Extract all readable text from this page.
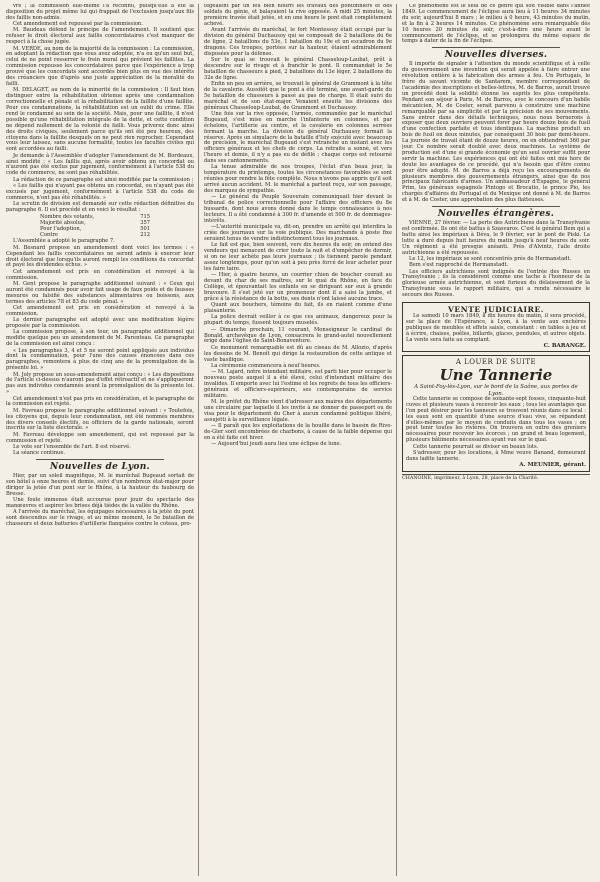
vre ; la commission elle-même l'a reconnu, puisqu'elle a été la disposition du projet même lui qui frappait de l'exclusion jusqu'aux fils des faillis non-admis.

Cet amendement est repoussé par la commission.

M. Baudeau défend le principe de l'amendement. Il soutient que refuser le droit électoral aux faillis concordataires c'est manquer de respect à la chose jugée.

M. VERDE, au nom de la majorité de la commission : La commission, en adoptant la rédaction que vous avez adoptée, n'a eu qu'un seul but, celui de ne point resserrer le frein moral qui prévient les faillites. La commission repousse les concordataires parce que l'expérience a trop prouvé que les concordats sont accordés bien plus en vue des intérêts des créanciers que d'après une juste appréciation de la moralité du failli.

M. DELAGET, au nom de la minorité de la commission : Il faut bien distinguer entre la réhabilitation obtenue après une condamnation correctionnelle et pénale et la réhabilitation de la faillite d'une faillite. Pour ces condamnations, la réhabilitation est un oubli du crime. Elle rend le condamné au sein de la société. Mais, pour une faillite, il n'est possible qu'une réhabilitation intégrale de la dette, et cette condition ne dépend nullement de la volonté du failli. Vous priverez donc ainsi des droits civiques, seulement parce qu'ils ont été peu heureux, des citoyens dans la faillite desquels on ne peut rien reprocher. Cependant vous leur laissez, sans aucune formalité, toutes les facultés civiles qui sont accordées au failli.

Je demande à l'Assemblée d'adopter l'amendement de M. Bordeaux, ainsi modifié : « Les faillis qui, après avoir obtenu un concordat ou n'auront pas été exclus par jugement, conformément à l'article 538 du code de commerce, ne sont pas réhabilités.

La rédaction de ce paragraphe est ainsi modifiée par la commission :

« Les faillis qui n'ayant pas obtenu un concordat, ou n'ayant pas été excusés par jugement, conformément à l'article 538 du code de commerce, n'ont pas été réhabilités. »

Le scrutin de division est demandé sur cette rédaction définitive du paragraphe 6. Il est procédé et en voici le résultat :

Nombre des votants,	715
Majorité absolue,	357
Pour l'adoption,	501
Contre	212

L'Assemblée a adopté le paragraphe 7.

M. Besnard propose un amendement dont voici les termes : « Cependant les faillis concordataires ne seront admis à exercer leur droit électoral que lorsqu'ils auront rempli les conditions du concordat et payé les dividendes échus. »

Cet amendement est pris en considération et renvoyé à la commission.

M. Gent propose le paragraphe additionnel suivant : « Ceux qui auront été condamnés pour avoir fait usage de faux poids et de fausses mesures ou falsifié des substances alimentaires ou boissons, aux termes des articles 78 et 83 du code pénal. »

Cet amendement est pris en considération et renvoyé à la commission.

Le dernier paragraphe est adopté avec une modification légère proposée par la commission.

La commission propose, à son tour, un paragraphe additionnel qui modifie quelque peu un amendement de M. Parenteau. Ce paragraphe de la commission est ainsi conçu :

« Les paragraphes 3, 4 et 5 ne seront point appliqués aux individus dont la condamnation, pour l'une des causes énoncées dans ces paragraphes, remontera à plus de cinq ans de la promulgation de la présente loi. »

M. Joly propose un sous-amendement ainsi conçu : « Les dispositions de l'article ci-dessus n'auront pas d'effet rétroactif et ne s'appliqueront pas aux individus condamnés avant la promulgation de la présente loi. »

Cet amendement n'est pas pris en considération, et le paragraphe de la commission est rejeté.

M. Favreau propose le paragraphe additionnel suivant : « Toutefois, les citoyens qui, depuis leur condamnation, ont été nommés membres des divers conseils électifs, ou officiers de la garde nationale, seront inscrits sur la liste électorale. »

M. Favreau développe son amendement, qui est repoussé par la commission et rejeté.

Le vote sur l'ensemble de l'art. 8 est réservé.

La séance continue.

Nouvelles de Lyon.

Hier, par un soleil magnifique, M. le maréchal Bugeaud sortait de son hôtel à onze heures et demie, suivi d'un nombreux état-major pour diriger la jetée d'un pont sur le Rhône, à la hauteur du faubourg de Bresse.

Une foule immense était accourue pour jouir du spectacle des manœuvres et aspirer les brises déjà tièdes de la vallée du Rhône.

A l'arrivée du maréchal, les équipages nécessaires à la jetée du pont sont descendus sur le rivage, et au même moment, le 5e bataillon de chasseurs et deux batteries d'artillerie flanquées contre le coteau, pro-

tégeaient par un feu bien nourri les travaux des pontonniers et des soldats du génie, et balayaient la rive opposée. A midi 25 minutes, la première travée était jetée, et en une heure le pont était complètement achevé.

Avant l'arrivée du maréchal, le fort Montessuy était occupé par la division du général Duchausoy qui se composait de 2 bataillons du 6e de ligne, 2 bataillons du 53e, 1 bataillon du 19e et un escadron du 9e dragons. Ces troupes, portées sur la hauteur, étaient admirablement disposées pour la défense.

Sur le quai se trouvait le général Chasseloup-Laubat, prêt à descendre sur le rivage et à franchir le pont. Il commandait le 5e bataillon de chasseurs à pied, 2 bataillons du 13e léger, 2 bataillons du 32e de ligne.

Enfin un peu en arrière, se trouvait le général de Grammont à la tête de la cavalerie. Aussitôt que le pont a été terminé, une avant-garde du 5e bataillon de chasseurs à passé au pas de charge. Il était suivi du maréchal et de son état-major. Venaient ensuite les divisions des généraux Chasseloup-Laubat, de Grammont et Duchausoy.

Une fois sur la rive opposée, l'armée, commandée par le maréchal Bugeaud, s'est mise en marche l'infanterie en colonnes, et par échelons, l'artillerie au centre, et la cavalerie en colonnes serrées fermant la marche. La division du général Duchausoy formait la réserve. Après un simulacre de la bataille d'Isly exécuté avec beaucoup de précision, le maréchal Bugeaud s'est retranché un instant avec les officiers généraux et les chefs de corps. La retraite a sonné, et vers l'heure et demie, il n'y a pas eu de défilé ; chaque corps est retourné dans ses cantonnements.

La tenue admirable de nos troupes, l'éclat d'un beau jour, la température du printemps, toutes les circonstances favorables se sont réunies pour rendre la fête complète. Nous n'avons pas appris qu'il soit arrivé aucun accident. M. le maréchal a partout reçu, sur son passage, des marques de sympathie.

— Le général du Peuple Souverain communiquait hier devant le tribunal de police correctionnelle pour l'affaire des officiers du 8e hussards, dont nous avons donné dans le temps connaissance à nos lecteurs. Il a été condamné à 300 fr. d'amende et 500 fr. de dommages-intérêts.

—L'autorité municipale va, dit-on, prendre un arrêté qui interdira la criée des journaux sur la voie publique. Des marchands à poste fixe seraient tenus de vendre indistinctement tous les journaux.

Le fait est que, bien souvent, vers dix heures du soir, on entend des vendeurs qui menacent de crier toute la nuit et d'empêcher de dormir, si on ne leur achète pas leurs journaux ; ils tiennent parole pendant assez longtemps, pour qu'on soit à peu près forcé de leur acheter pour les faire taire.

— Hier, à quatre heures, un courrier chien de boucher courait au devant du char de ses maîtres, sur le quai du Rhône, en face du Collège, et épouvantait les enfants en se dirigeant sur eux à grande bravoure. Il s'est jeté sur un promeneur dont il a saisi la jambe, et grâce à la résistance de la botte, ses dents n'ont laissé aucune trace.

Quant aux bouchers, témoins du fait, ils en riaient comme d'une plaisanterie.

La police devrait veiller à ce que ces animaux, dangereux pour la plupart du temps, fussent toujours muselés.

— Dimanche prochain, 11 courant, Monseigneur le cardinal de Bonald, archevêque de Lyon, consacrera le grand-autel nouvellement érigé dans l'église de Saint-Bonaventure.

Ce monument remarquable est dû au ciseau de M. Allozio, d'après les dessins de M. Benoît qui dirige la restauration de cette antique et vaste basilique.

La cérémonie commencera à neuf heures.

— M. Lajard, notre intendant militaire, est parti hier pour occuper le nouveau poste auquel il a été élevé, celui d'intendant militaire des invalides. Il emporte avec lui l'estime et les regrets de tous les officiers-généraux et officiers-supérieurs, ses contemporains de service militaire.

M. le préfet du Rhône vient d'adresser aux maires des départements une circulaire par laquelle il les invite à ne donner de passeport ou de visa pour le département du Cher à aucun condamné politique libéré, assujetti à la surveillance légale.

— Il paraît que les exploitations de la houille dans le bassin de Rive-de-Gier sont encombrées de charbons, à cause de la faible dépense qui en a été faite cet hiver.

— Aujourd'hui jeudi aura lieu une éclipse de lune.

Ce phénomène est le seul de ce genre qui soit visible dans l'année 1849. Le commencement de l'éclipse aura lieu à 11 heures 34 minutes du soir, aujourd'hui 8 mars ; le milieu à 0 heure, 43 minutes du matin, et la fin à 2 heures 14 minutes. Ce phénomène sera remarquable dès 10 heures 20 minutes du soir, c'est-à-dire une heure avant le commencement de l'éclipse, et se prolongera du même espace de temps à dater de la fin de l'éclipse.

Nouvelles diverses.

Il importe de signaler à l'attention du monde scientifique et à celle du gouvernement une invention qui serait appelée à faire entrer une révolution entière à la fabrication des armes à feu. Un Portugais, le frère du savant vicomte de Santarem, membre correspondant de l'académie des inscriptions et belles-lettres, M. de Barros, aurait trouvé un procédé dont la solidité étonne les esprits les plus compétents. Pendant son séjour à Paris, M. de Barros, avec le concours d'un habile mécanicien, M. de Coster, serait parvenu à construire une machine remarquable par sa simplicité et par la précision de ses mouvements. Sans entrer dans des détails techniques, nous nous bornerons à exposer que deux ouvriers peuvent forer par heure douze bois de fusil d'une confection parfaite et tous identiques. La machine produit un bois de fusil en deux minutes, par conséquent 30 bois par demi-heure. La journée de travail étant de douze heures, on en obtiendrait 360 par jour. Ce nombre serait doublé avec deux machines. Le système de production est d'une si grande économie qu'un seul ouvrier suffit pour servir la machine. Les expériences qui ont été faites ont mis hors de doute les avantages de ce procédé, qui n'a besoin que d'être connu pour être adopté. M. de Barros a déjà reçu les encouragements de plusieurs membres des gouvernements étrangers, ainsi que de nos principaux fabricants d'armes. Un ambassadeur d'Espagne, le général Prim, les généraux espagnols Pintogo et Brocatio, le prince Pio, les chargés d'affaires du Portugal et du Mexique ont donné à M. de Barros et à M. de Coster, une approbation des plus flatteuses.

Nouvelles étrangères.

VIENNE, 27 février. — La perte des Autrichiens dans la Transylvanie est confirmée. Ils ont été battus à Szasvaros. C'est le général Bem qui a battu ainsi les impériaux à Déva, le 9 février, sur le pont de Piski. La lutte a duré depuis huit heures du matin jusqu'à neuf heures du soir. Un régiment a été presque anéanti. Près d'Alvintz, l'aile droite autrichienne a été repoussée.

Le 12, les impériaux se sont concentrés près de Hermanstadt.

Bem s'est rapproché de Hermanstadt.

Les officiers autrichiens sont indignés de l'entrée des Russes en Transylvanie ; ils la considèrent comme une tache à l'honneur de la glorieuse armée autrichienne, et sont furieux du délaissement de la Transylvanie sous le rapport militaire, qui a rendu nécessaire le secours des Russes.

VENTE JUDICIAIRE.

Le samedi 10 mars 1849, à dix heures du matin, il sera procédé, sur la place de l'Espérance, à Lyon, à la vente aux enchères publiques de meubles et effets saisis, consistant : en tables à jeu et à écrire, chaises, poêles, billards, glaces, pendules, et autres objets. La vente sera faite au comptant.

C. BARANGE.
A LOUER DE SUITE
Une Tannerie
A Saint-Foy-lès-Lyon, sur le bord de la Saône, aux portes de Lyon.

Cette tannerie se compose de soixante-sept fosses, cinquante-huit cuves et plusieurs vases à recevoir les eaux ; tous les avantages que l'on peut désirer pour les tanneurs se trouvent réunis dans ce local : les eaux sont en quantité d'une source d'eau vive, se répandent d'elles-mêmes par le moyen de conduits dans tous les vases ; on peut tenir toutes les rivières. On trouvera en outre des greniers nécessaires pour recevoir les écorces ; un grand et beau logement, plusieurs bâtiments nécessaires ayant vue sur le quai.

Cette tannerie pourrait se diviser en beaux lots.

S'adresser, pour les locations, à Mme veuve Banand, demeurant dans ladite tannerie.

A. MEUNIER, gérant.
CHANOINE, imprimeur, à Lyon, 28, place de la Charité.
